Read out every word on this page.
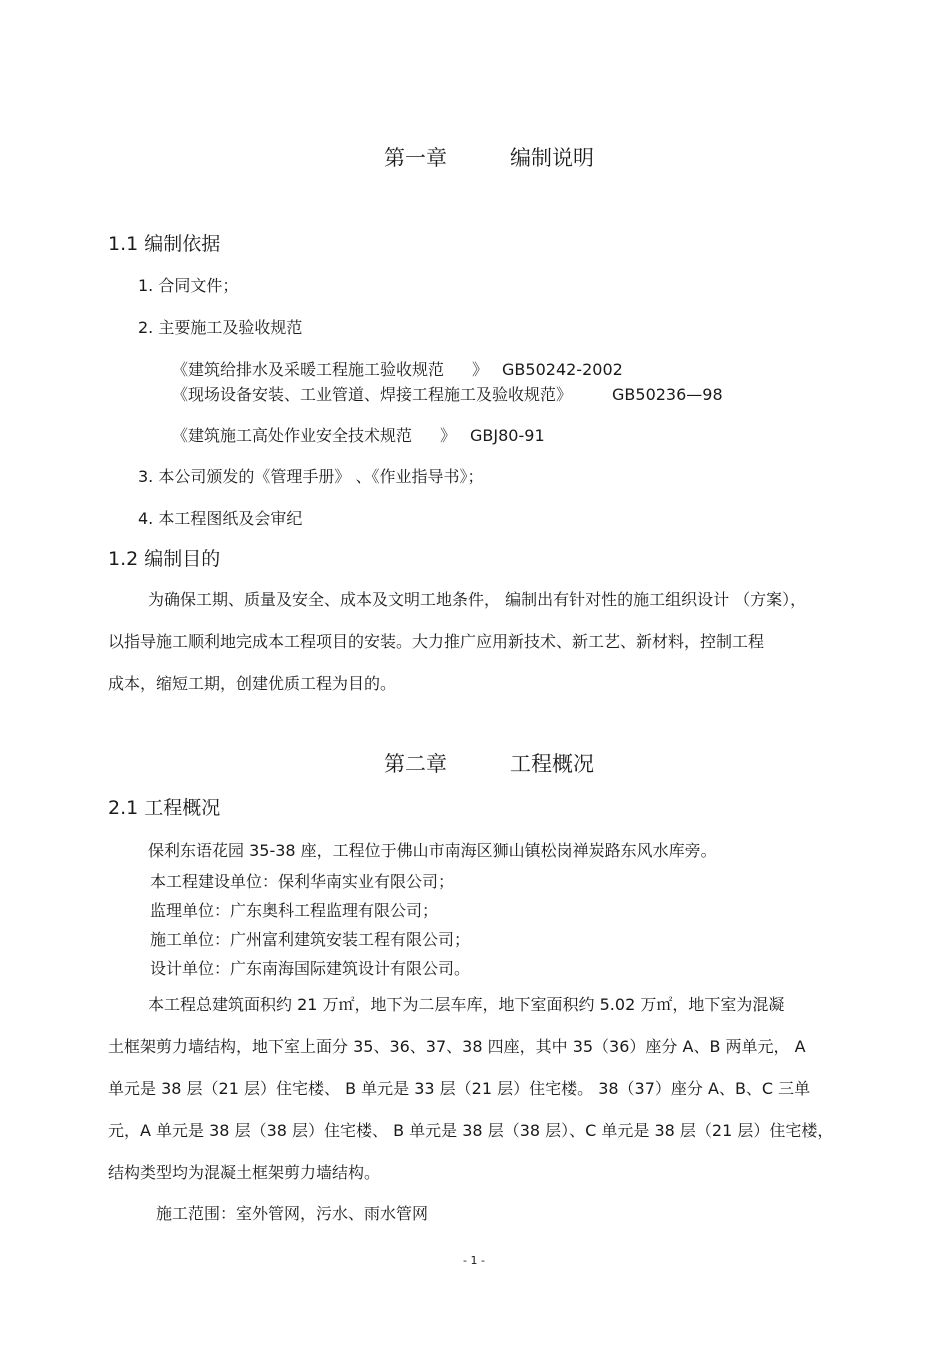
第一章	编制说明

1.1 编制依据

1. 合同文件；

2. 主要施工及验收规范

《建筑给排水及采暖工程施工验收规范 》 GB50242-2002

《现场设备安装、工业管道、焊接工程施工及验收规范》	GB50236—98

《建筑施工高处作业安全技术规范 》 GBJ80-91

3. 本公司颁发的《管理手册》 、《作业指导书》；

4. 本工程图纸及会审纪

1.2 编制目的

为确保工期、质量及安全、成本及文明工地条件， 编制出有针对性的施工组织设计 （方案），

以指导施工顺利地完成本工程项目的安装。大力推广应用新技术、新工艺、新材料，控制工程

成本，缩短工期，创建优质工程为目的。

第二章	工程概况

2.1 工程概况

保利东语花园 35-38 座，工程位于佛山市南海区狮山镇松岗禅炭路东风水库旁。

本工程建设单位：保利华南实业有限公司；

监理单位：广东奥科工程监理有限公司；

施工单位：广州富利建筑安装工程有限公司；

设计单位：广东南海国际建筑设计有限公司。

本工程总建筑面积约 21 万㎡，地下为二层车库，地下室面积约 5.02 万㎡，地下室为混凝

土框架剪力墙结构，地下室上面分 35、36、37、38 四座，其中 35（36）座分 A、B 两单元， A

单元是 38 层（21 层）住宅楼、 B 单元是 33 层（21 层）住宅楼。 38（37）座分 A、B、C 三单

元，A 单元是 38 层（38 层）住宅楼、 B 单元是 38 层（38 层）、C 单元是 38 层（21 层）住宅楼，

结构类型均为混凝土框架剪力墙结构。

施工范围：室外管网，污水、雨水管网

- 1 -
